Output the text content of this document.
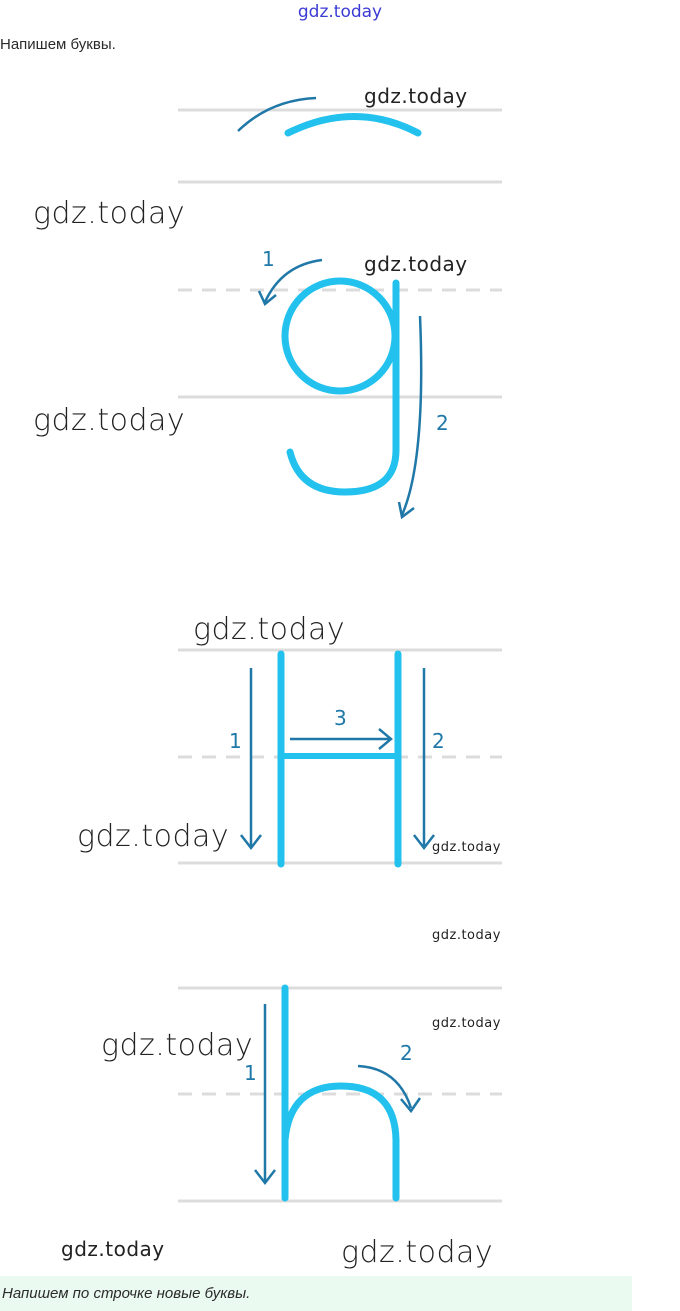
gdz.today
Напишем буквы.
1
2
1	2
3
1
2
gdz.today
gdz.today
gdz.today
gdz.today
gdz.today
gdz.today	gdz.today
gdz.today
gdz.today
gdz.today
gdz.today	gdz.today
Напишем по строчке новые буквы.
